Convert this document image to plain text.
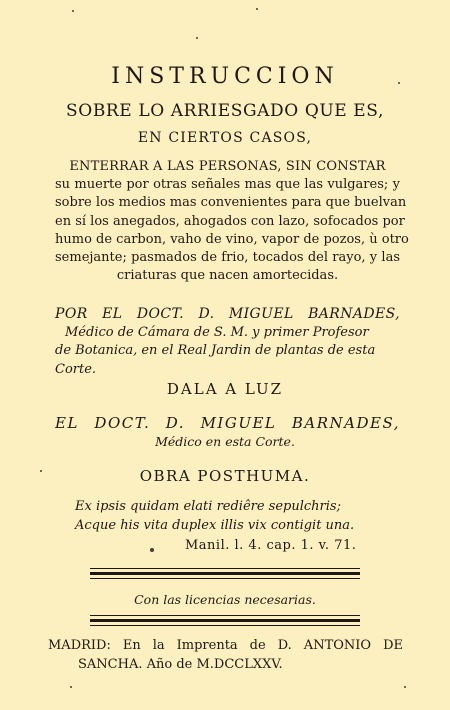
INSTRUCCION
SOBRE LO ARRIESGADO QUE ES,
EN CIERTOS CASOS,
ENTERRAR A LAS PERSONAS, SIN CONSTAR
su muerte por otras señales mas que las vulgares; y
sobre los medios mas convenientes para que buelvan
en sí los anegados, ahogados con lazo, sofocados por
humo de carbon, vaho de vino, vapor de pozos, ù otro
semejante; pasmados de frio, tocados del rayo, y las
criaturas que nacen amortecidas.
POR EL DOCT. D. MIGUEL BARNADES,
Médico de Cámara de S. M. y primer Profesor
de Botanica, en el Real Jardin de plantas de esta
Corte.
DALA A LUZ
EL DOCT. D. MIGUEL BARNADES,
Médico en esta Corte.
OBRA POSTHUMA.
Ex ipsis quidam elati rediêre sepulchris;
Acque his vita duplex illis vix contigit una.
Manil. l. 4. cap. 1. v. 71.
Con las licencias necesarias.
MADRID: En la Imprenta de D. ANTONIO DE
SANCHA. Año de M.DCCLXXV.
